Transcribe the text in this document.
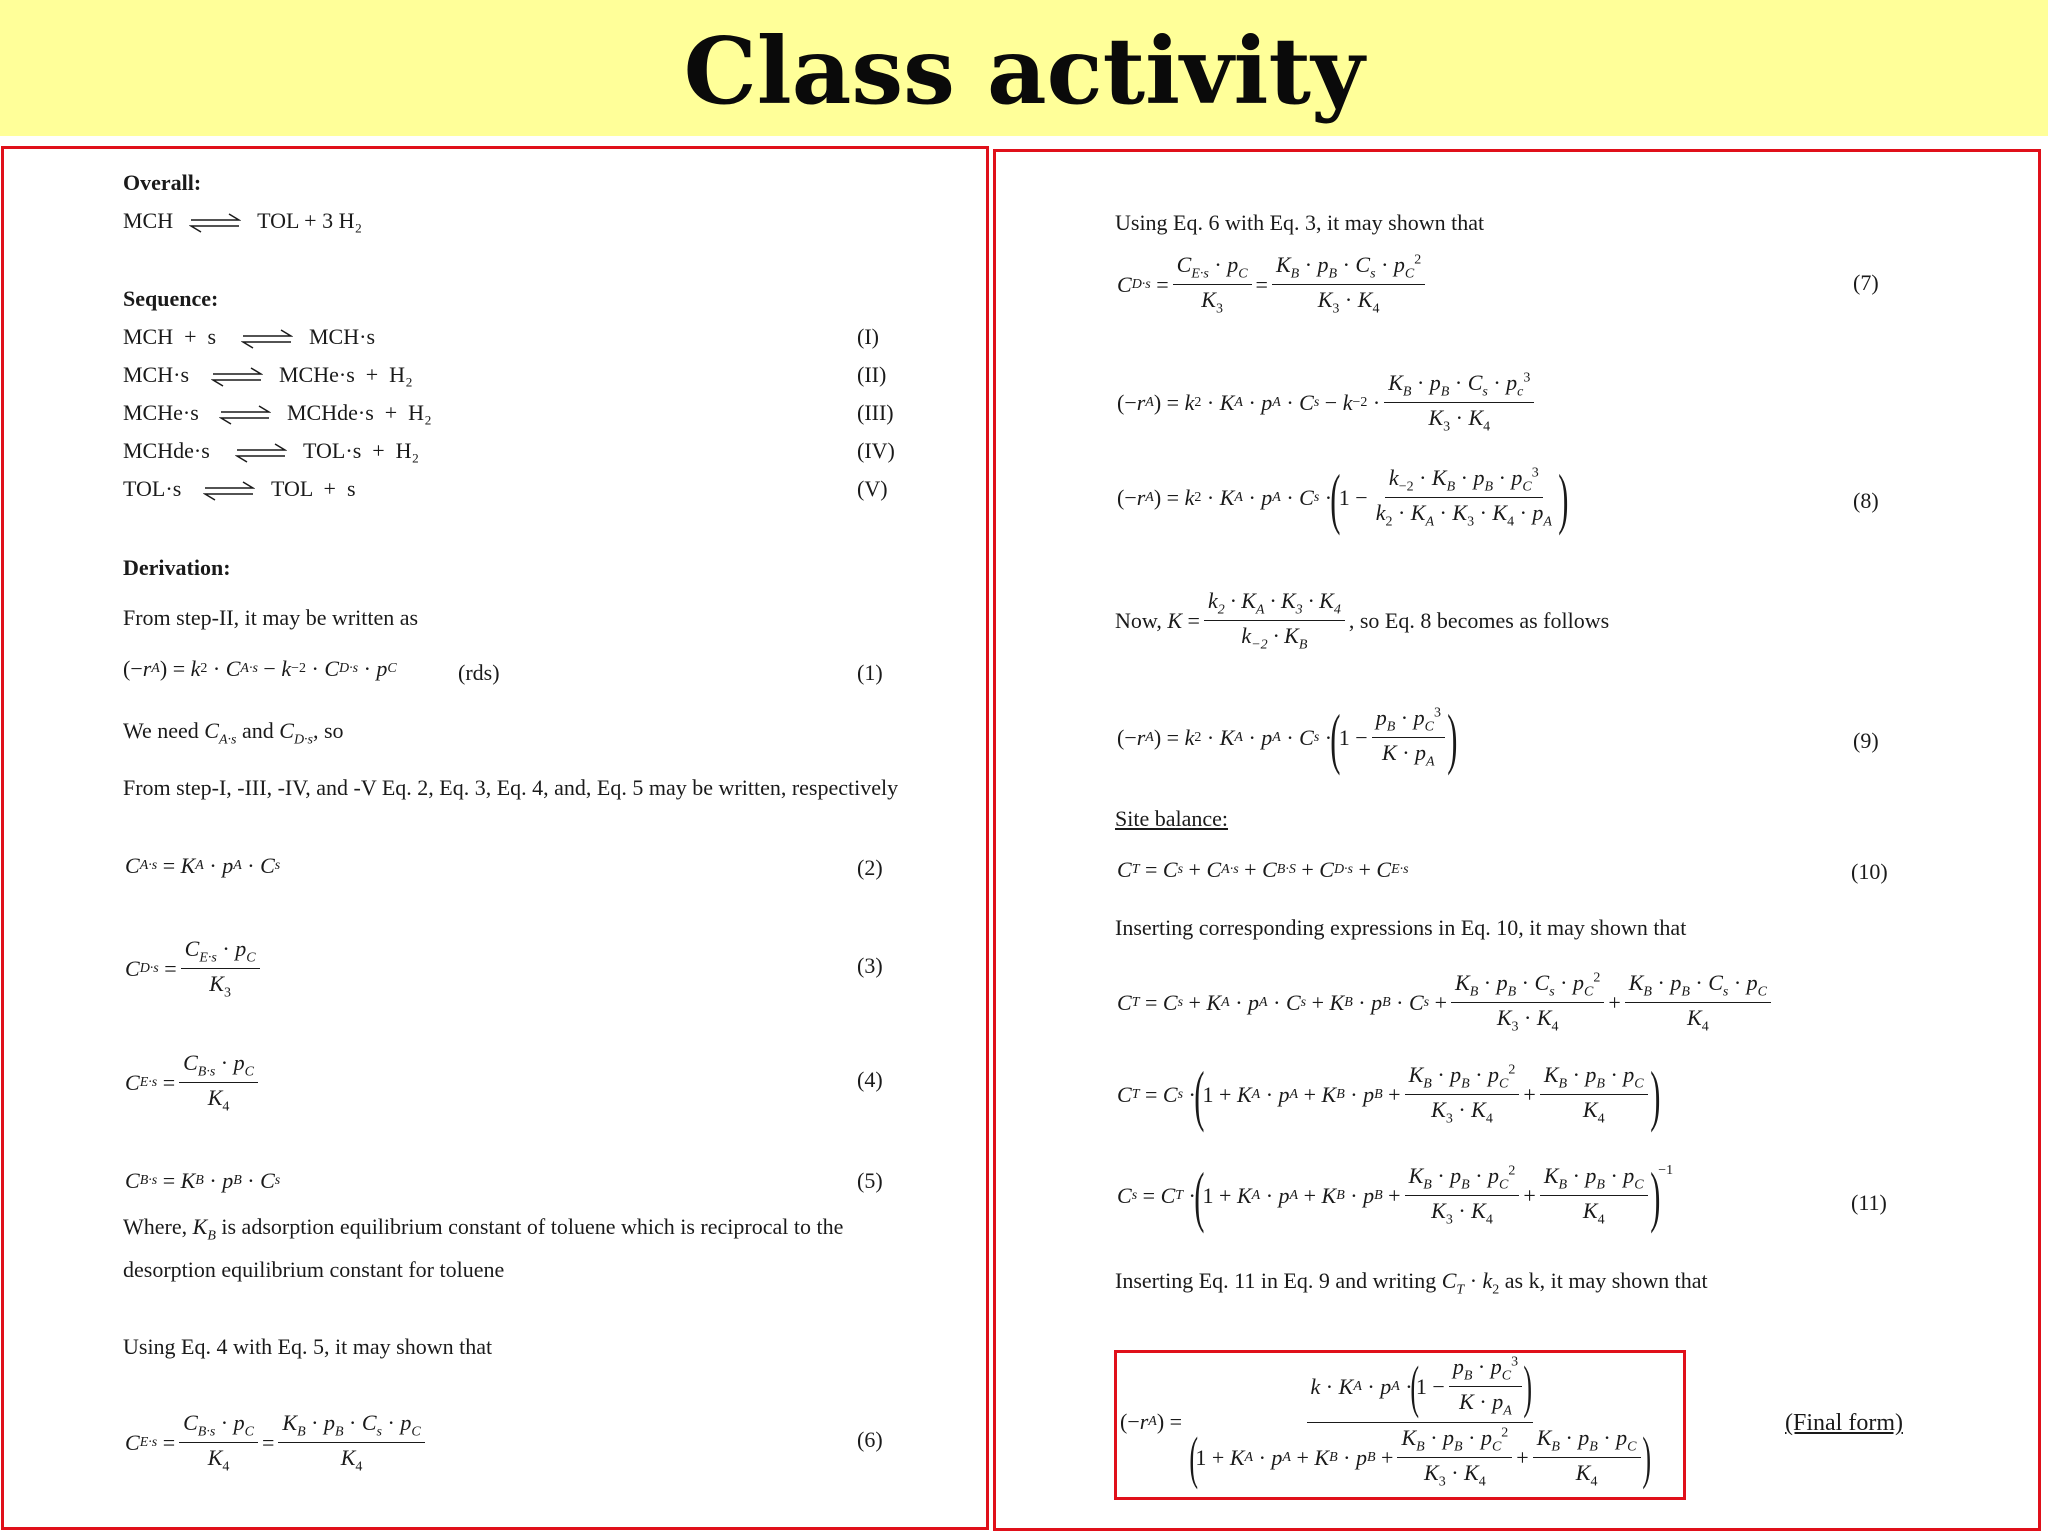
Class activity
Overall:
MCH ⇌ TOL + 3 H₂
Sequence:
MCH  +  s ⇌ MCH·s	(I)
MCH·s ⇌ MCHe·s  +  H₂	(II)
MCHe·s ⇌ MCHde·s  +  H₂	(III)
MCHde·s ⇌ TOL·s  +  H₂	(IV)
TOL·s ⇌ TOL  +  s	(V)
Derivation:
From step-II, it may be written as
(− r A ) = k 2 · C A·s − k −2 · C D·s · p C	(rds)	(1)
We need $C_{A\cdot s}$ and $C_{D\cdot s}$, so
From step-I, -III, -IV, and -V Eq. 2, Eq. 3, Eq. 4, and, Eq. 5 may be written, respectively
C A·s = K A · p A · C s	(2)
C $D\cdot s = \frac{C_{E\cdot s} \cdot p_C}{K_3}$	(3)
C $E\cdot s = \frac{C_{B\cdot s} \cdot p_C}{K_4}$	(4)
C B·s = K B · p B · C s	(5)
Where, $K_B$ is adsorption equilibrium constant of toluene which is reciprocal to the
desorption equilibrium constant for toluene
Using Eq. 4 with Eq. 5, it may shown that
C $E\cdot s = \frac{C_{B\cdot s} \cdot p_C}{K_4} = \frac{K_B \cdot p_B \cdot C_s \cdot p_C}{K_4}$	(6)
Using Eq. 6 with Eq. 3, it may shown that
C $D\cdot s = \frac{C_{E\cdot s} \cdot p_C}{K_3} = \frac{K_B \cdot p_B \cdot C_s \cdot p_C^2}{K_3 \cdot K_4}$	(7)
(− r A ) = k 2 · K A · p A · C $s - k -2 \cdot \frac{K_B \cdot p_B \cdot C_s \cdot p_c^3}{K_3 \cdot K_4}$
(− r A ) = k 2 · K A · p A · C s ·
(
$1 - \frac{k_{-2} \cdot K_B \cdot p_B \cdot p_C^3}{k_2 \cdot K_A \cdot K_3 \cdot K_4 \cdot p_A}$ )	(8)
Now,
$K = \frac{k_2 \cdot K_A \cdot K_3 \cdot K_4}{k_{-2} \cdot K_B}$ , so Eq. 8 becomes as follows
(− r A ) = k 2 · K A · p A · C s ·
(
$1 - \frac{p_B \cdot p_C^3}{K \cdot p_A}$ )	(9)
Site balance:
C T = C s + C A·s + C B·S + C D·s + C E·s	(10)
Inserting corresponding expressions in Eq. 10, it may shown that
C T = C s + K A · p A · C s + K B · p B · C $s + \frac{K_B \cdot p_B \cdot C_s \cdot p_C^2}{K_3 \cdot K_4} + \frac{K_B \cdot p_B \cdot C_s \cdot p_C}{K_4}$
C T = C s ·
(
1 + K A · p A + K B · p $B + \frac{K_B \cdot p_B \cdot p_C^2}{K_3 \cdot K_4} + \frac{K_B \cdot p_B \cdot p_C}{K_4}$ )
C s = C T ·
(
1 + K A · p A + K B · p $B + \frac{K_B \cdot p_B \cdot p_C^2}{K_3 \cdot K_4} + \frac{K_B \cdot p_B \cdot p_C}{K_4}$ )
−1
(11)
Inserting Eq. 11 in Eq. 9 and writing $C_T \cdot k_2$ as k, it may shown that
(− r A ) =
k · K A · p A ·
(
$1 - \frac{p_B \cdot p_C^3}{K \cdot p_A}$ )
(
1 + K A · p A + K B · p $B + \frac{K_B \cdot p_B \cdot p_C^2}{K_3 \cdot K_4} + \frac{K_B \cdot p_B \cdot p_C}{K_4}$ )
(Final form)
